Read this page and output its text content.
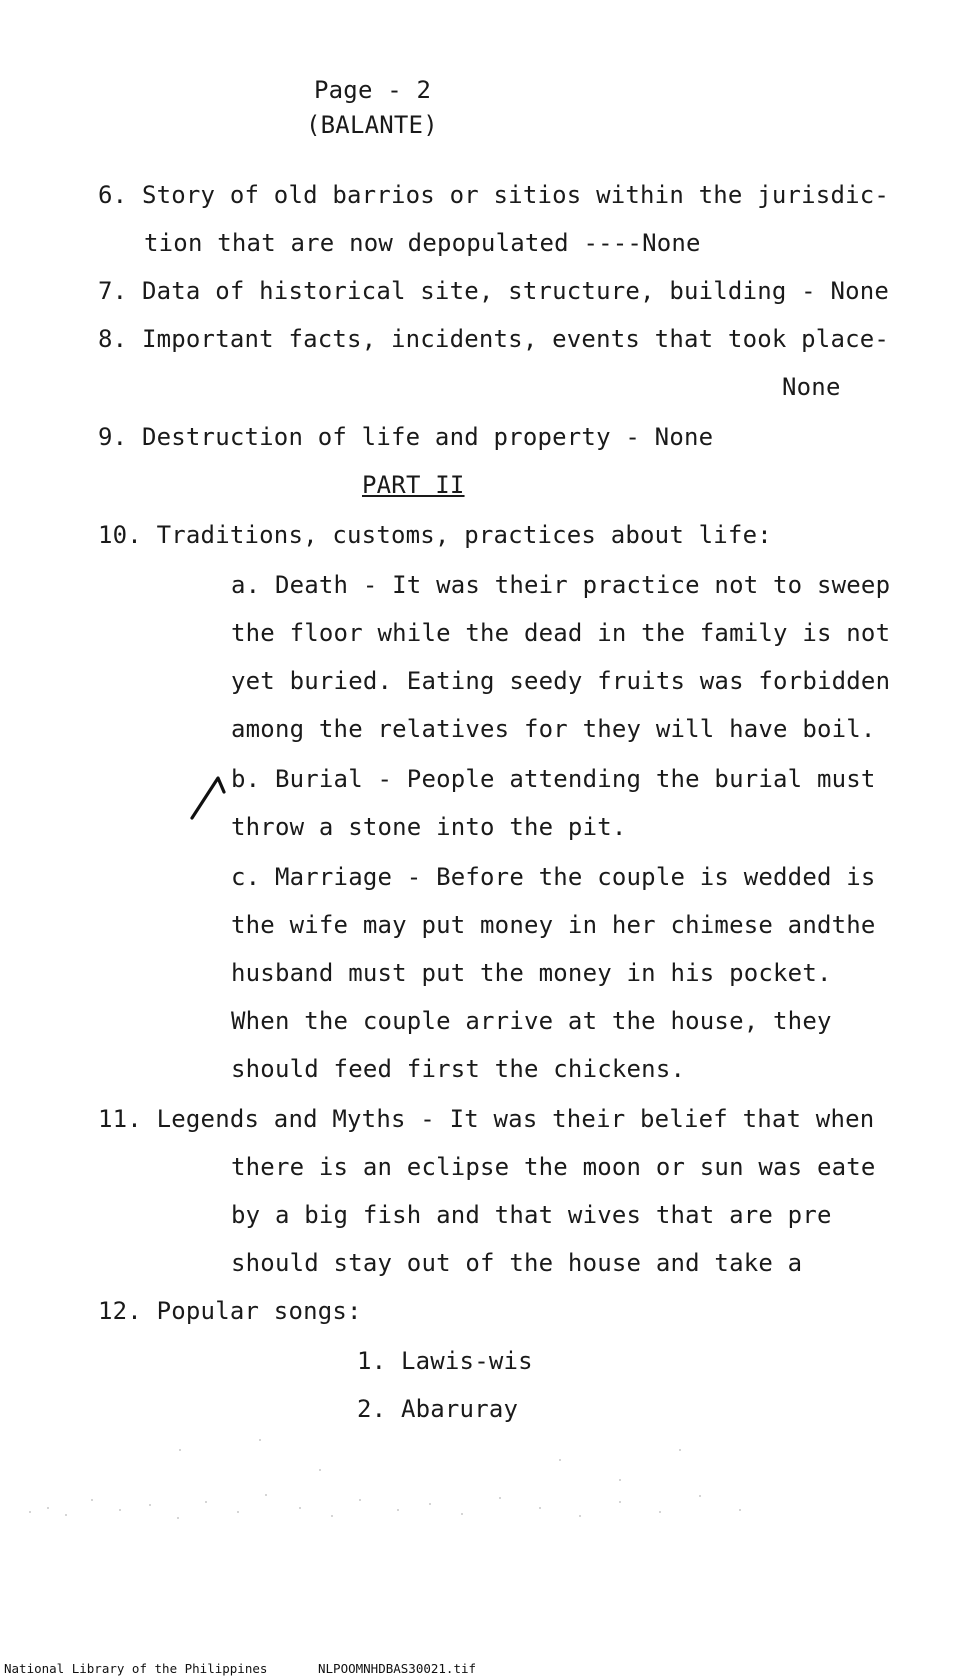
Page - 2
(BALANTE)
6. Story of old barrios or sitios within the jurisdic-
tion that are now depopulated ----None
7. Data of historical site, structure, building - None
8. Important facts, incidents, events that took place-
None
9. Destruction of life and property - None
PART II
10. Traditions, customs, practices about life:
a. Death - It was their practice not to sweep
the floor while the dead in the family is not
yet buried. Eating seedy fruits was forbidden
among the relatives for they will have boil.
b. Burial - People attending the burial must
throw a stone into the pit.
c. Marriage - Before the couple is wedded is
the wife may put money in her chimese andthe
husband must put the money in his pocket.
When the couple arrive at the house, they
should feed first the chickens.
11. Legends and Myths - It was their belief that when
there is an eclipse the moon or sun was eate
by a big fish and that wives that are pre
should stay out of the house and take a
12. Popular songs:
1. Lawis-wis
2. Abaruray
National Library of the Philippines	NLPOOMNHDBAS30021.tif
